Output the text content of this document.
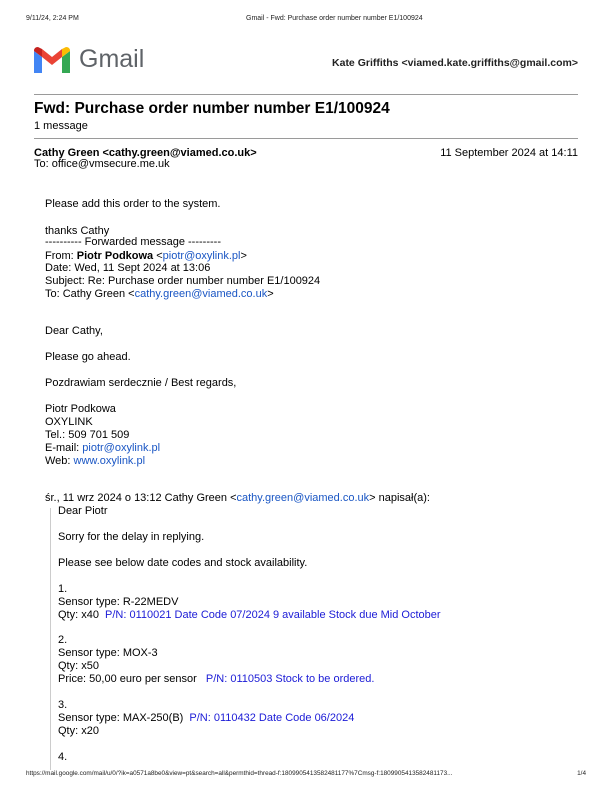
9/11/24, 2:24 PM	Gmail - Fwd: Purchase order number number E1/100924
Gmail	Kate Griffiths <viamed.kate.griffiths@gmail.com>
Fwd: Purchase order number number E1/100924
1 message
Cathy Green <cathy.green@viamed.co.uk>	11 September 2024 at 14:11
To: office@vmsecure.me.uk
Please add this order to the system.
thanks Cathy
---------- Forwarded message ---------
From: Piotr Podkowa <piotr@oxylink.pl>
Date: Wed, 11 Sept 2024 at 13:06
Subject: Re: Purchase order number number E1/100924
To: Cathy Green <cathy.green@viamed.co.uk>
Dear Cathy,
Please go ahead.
Pozdrawiam serdecznie / Best regards,
Piotr Podkowa
OXYLINK
Tel.: 509 701 509
E-mail: piotr@oxylink.pl
Web: www.oxylink.pl
śr., 11 wrz 2024 o 13:12 Cathy Green <cathy.green@viamed.co.uk> napisał(a):
Dear Piotr
Sorry for the delay in replying.
Please see below date codes and stock availability.
1.
Sensor type: R-22MEDV
Qty: x40 P/N: 0110021 Date Code 07/2024 9 available Stock due Mid October
2.
Sensor type: MOX-3
Qty: x50
Price: 50,00 euro per sensor P/N: 0110503 Stock to be ordered.
3.
Sensor type: MAX-250(B) P/N: 0110432 Date Code 06/2024
Qty: x20
4.
https://mail.google.com/mail/u/0/?ik=a0571a8be0&view=pt&search=all&permthid=thread-f:1809905413582481177%7Cmsg-f:1809905413582481173...	1/4
